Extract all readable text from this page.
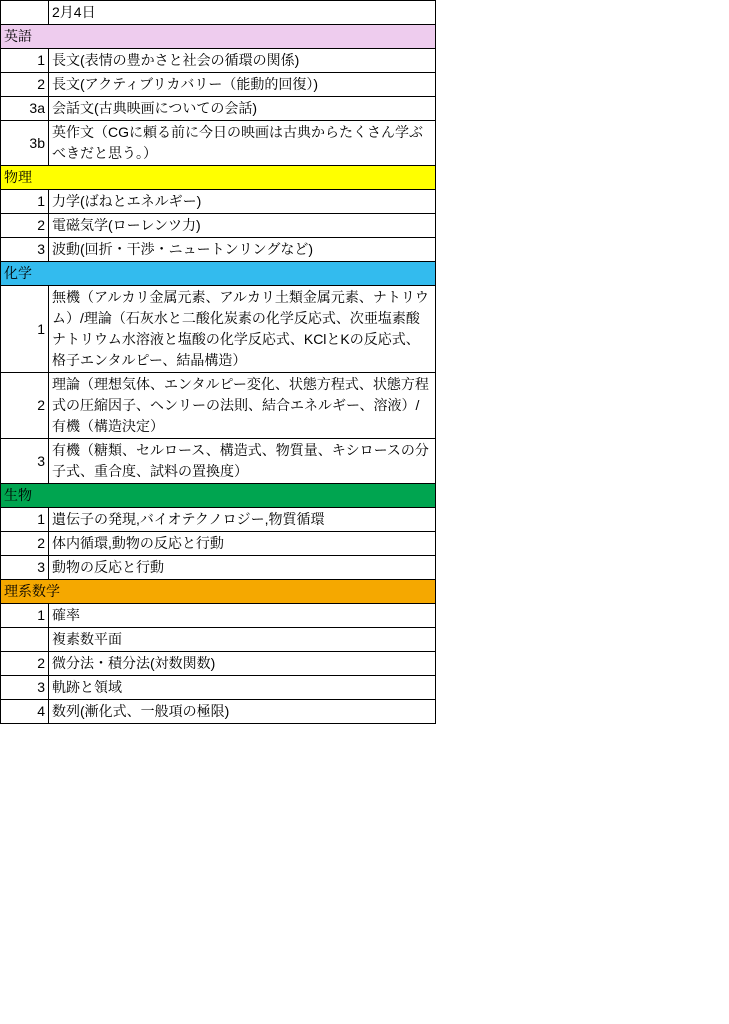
	2月4日
英語	
1	長文(表情の豊かさと社会の循環の関係)
2	長文(アクティブリカバリー（能動的回復）)
3a	会話文(古典映画についての会話)
3b	英作文（CGに頼る前に今日の映画は古典からたくさん学ぶべきだと思う。）
物理	
1	力学(ばねとエネルギー)
2	電磁気学(ローレンツ力)
3	波動(回折・干渉・ニュートンリングなど)
化学	
1	無機（アルカリ金属元素、アルカリ土類金属元素、ナトリウム）/理論（石灰水と二酸化炭素の化学反応式、次亜塩素酸ナトリウム水溶液と塩酸の化学反応式、KClとKの反応式、格子エンタルピー、結晶構造）
2	理論（理想気体、エンタルピー変化、状態方程式、状態方程式の圧縮因子、ヘンリーの法則、結合エネルギー、溶液）/有機（構造決定）
3	有機（糖類、セルロース、構造式、物質量、キシロースの分子式、重合度、試料の置換度）
生物	
1	遺伝子の発現,バイオテクノロジー,物質循環
2	体内循環,動物の反応と行動
3	動物の反応と行動
理系数学	
1	確率
	複素数平面
2	微分法・積分法(対数関数)
3	軌跡と領域
4	数列(漸化式、一般項の極限)
